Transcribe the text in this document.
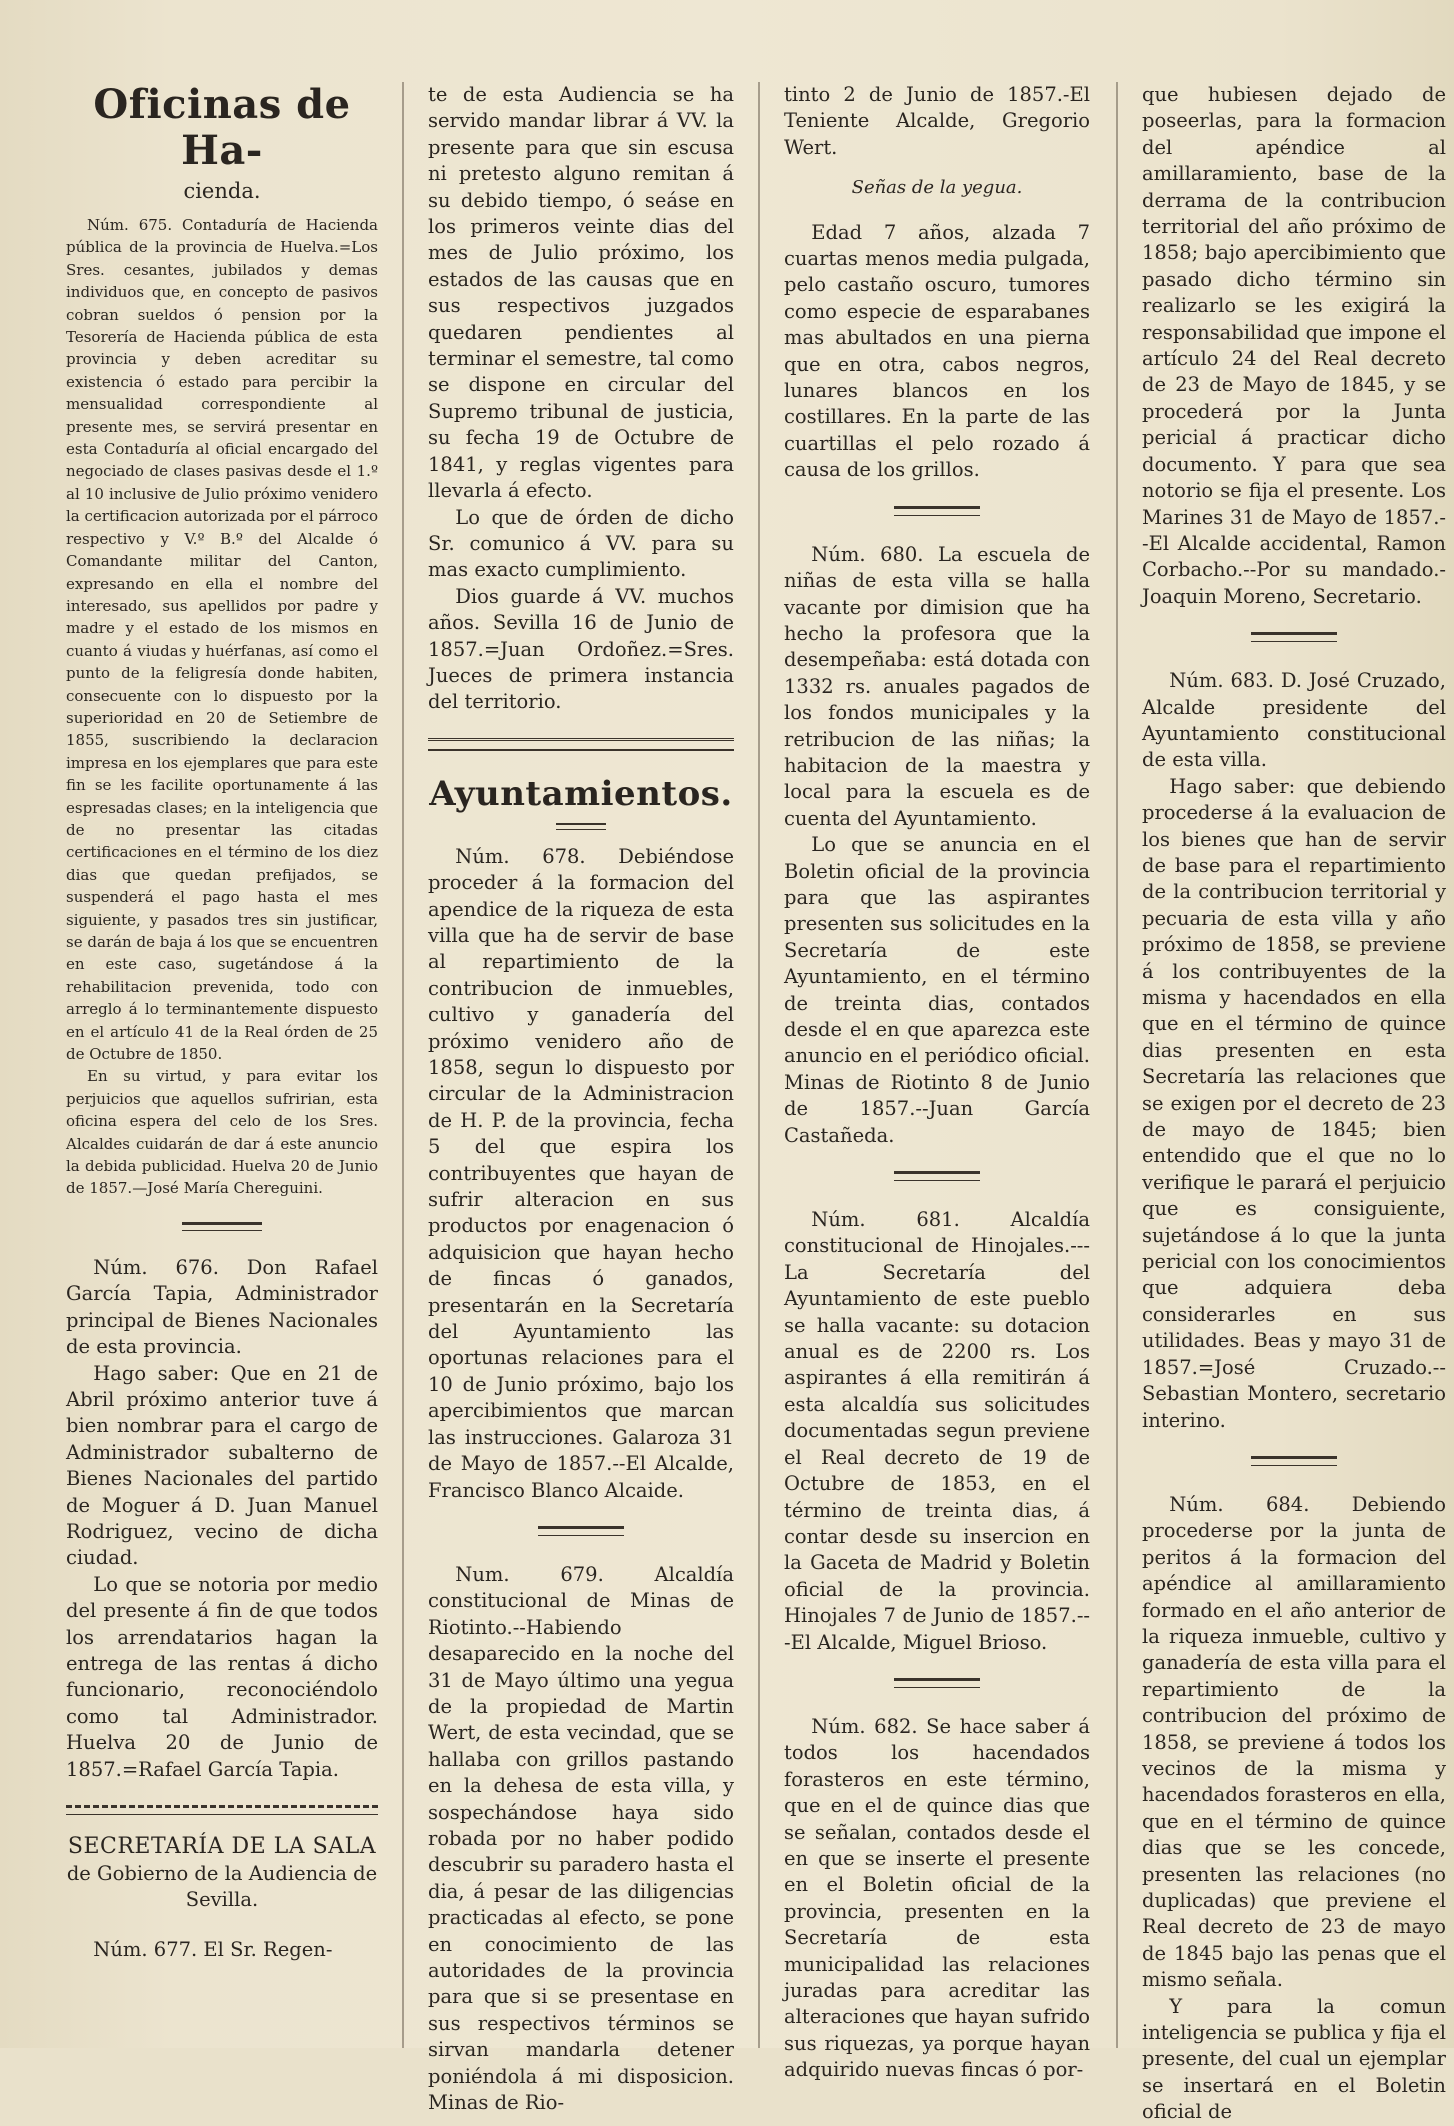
Oficinas de Ha-
cienda.

Núm. 675. Contaduría de Hacienda pública de la provincia de Huelva.=Los Sres. cesantes, jubilados y demas individuos que, en concepto de pasivos cobran sueldos ó pension por la Tesorería de Hacienda pública de esta provincia y deben acreditar su existencia ó estado para percibir la mensualidad correspondiente al presente mes, se servirá presentar en esta Contaduría al oficial encargado del negociado de clases pasivas desde el 1.º al 10 inclusive de Julio próximo venidero la certificacion autorizada por el párroco respectivo y V.º B.º del Alcalde ó Comandante militar del Canton, expresando en ella el nombre del interesado, sus apellidos por padre y madre y el estado de los mismos en cuanto á viudas y huérfanas, así como el punto de la feligresía donde habiten, consecuente con lo dispuesto por la superioridad en 20 de Setiembre de 1855, suscribiendo la declaracion impresa en los ejemplares que para este fin se les facilite oportunamente á las espresadas clases; en la inteligencia que de no presentar las citadas certificaciones en el término de los diez dias que quedan prefijados, se suspenderá el pago hasta el mes siguiente, y pasados tres sin justificar, se darán de baja á los que se encuentren en este caso, sugetándose á la rehabilitacion prevenida, todo con arreglo á lo terminantemente dispuesto en el artículo 41 de la Real órden de 25 de Octubre de 1850.

En su virtud, y para evitar los perjuicios que aquellos sufririan, esta oficina espera del celo de los Sres. Alcaldes cuidarán de dar á este anuncio la debida publicidad. Huelva 20 de Junio de 1857.—José María Chereguini.

Núm. 676. Don Rafael García Tapia, Administrador principal de Bienes Nacionales de esta provincia.

Hago saber: Que en 21 de Abril próximo anterior tuve á bien nombrar para el cargo de Administrador subalterno de Bienes Nacionales del partido de Moguer á D. Juan Manuel Rodriguez, vecino de dicha ciudad.

Lo que se notoria por medio del presente á fin de que todos los arrendatarios hagan la entrega de las rentas á dicho funcionario, reconociéndolo como tal Administrador. Huelva 20 de Junio de 1857.=Rafael García Tapia.

SECRETARÍA DE LA SALA
de Gobierno de la Audiencia de Sevilla.

Núm. 677. El Sr. Regen-

te de esta Audiencia se ha servido mandar librar á VV. la presente para que sin escusa ni pretesto alguno remitan á su debido tiempo, ó seáse en los primeros veinte dias del mes de Julio próximo, los estados de las causas que en sus respectivos juzgados quedaren pendientes al terminar el semestre, tal como se dispone en circular del Supremo tribunal de justicia, su fecha 19 de Octubre de 1841, y reglas vigentes para llevarla á efecto.

Lo que de órden de dicho Sr. comunico á VV. para su mas exacto cumplimiento.

Dios guarde á VV. muchos años. Sevilla 16 de Junio de 1857.=Juan Ordoñez.=Sres. Jueces de primera instancia del territorio.

Ayuntamientos.

Núm. 678. Debiéndose proceder á la formacion del apendice de la riqueza de esta villa que ha de servir de base al repartimiento de la contribucion de inmuebles, cultivo y ganadería del próximo venidero año de 1858, segun lo dispuesto por circular de la Administracion de H. P. de la provincia, fecha 5 del que espira los contribuyentes que hayan de sufrir alteracion en sus productos por enagenacion ó adquisicion que hayan hecho de fincas ó ganados, presentarán en la Secretaría del Ayuntamiento las oportunas relaciones para el 10 de Junio próximo, bajo los apercibimientos que marcan las instrucciones. Galaroza 31 de Mayo de 1857.--El Alcalde, Francisco Blanco Alcaide.

Num. 679. Alcaldía constitucional de Minas de Riotinto.--Habiendo desaparecido en la noche del 31 de Mayo último una yegua de la propiedad de Martin Wert, de esta vecindad, que se hallaba con grillos pastando en la dehesa de esta villa, y sospechándose haya sido robada por no haber podido descubrir su paradero hasta el dia, á pesar de las diligencias practicadas al efecto, se pone en conocimiento de las autoridades de la provincia para que si se presentase en sus respectivos términos se sirvan mandarla detener poniéndola á mi disposicion. Minas de Rio-

tinto 2 de Junio de 1857.-El Teniente Alcalde, Gregorio Wert.

Señas de la yegua.

Edad 7 años, alzada 7 cuartas menos media pulgada, pelo castaño oscuro, tumores como especie de esparabanes mas abultados en una pierna que en otra, cabos negros, lunares blancos en los costillares. En la parte de las cuartillas el pelo rozado á causa de los grillos.

Núm. 680. La escuela de niñas de esta villa se halla vacante por dimision que ha hecho la profesora que la desempeñaba: está dotada con 1332 rs. anuales pagados de los fondos municipales y la retribucion de las niñas; la habitacion de la maestra y local para la escuela es de cuenta del Ayuntamiento.

Lo que se anuncia en el Boletin oficial de la provincia para que las aspirantes presenten sus solicitudes en la Secretaría de este Ayuntamiento, en el término de treinta dias, contados desde el en que aparezca este anuncio en el periódico oficial. Minas de Riotinto 8 de Junio de 1857.--Juan García Castañeda.

Núm. 681. Alcaldía constitucional de Hinojales.---La Secretaría del Ayuntamiento de este pueblo se halla vacante: su dotacion anual es de 2200 rs. Los aspirantes á ella remitirán á esta alcaldía sus solicitudes documentadas segun previene el Real decreto de 19 de Octubre de 1853, en el término de treinta dias, á contar desde su insercion en la Gaceta de Madrid y Boletin oficial de la provincia. Hinojales 7 de Junio de 1857.---El Alcalde, Miguel Brioso.

Núm. 682. Se hace saber á todos los hacendados forasteros en este término, que en el de quince dias que se señalan, contados desde el en que se inserte el presente en el Boletin oficial de la provincia, presenten en la Secretaría de esta municipalidad las relaciones juradas para acreditar las alteraciones que hayan sufrido sus riquezas, ya porque hayan adquirido nuevas fincas ó por-

que hubiesen dejado de poseerlas, para la formacion del apéndice al amillaramiento, base de la derrama de la contribucion territorial del año próximo de 1858; bajo apercibimiento que pasado dicho término sin realizarlo se les exigirá la responsabilidad que impone el artículo 24 del Real decreto de 23 de Mayo de 1845, y se procederá por la Junta pericial á practicar dicho documento. Y para que sea notorio se fija el presente. Los Marines 31 de Mayo de 1857.--El Alcalde accidental, Ramon Corbacho.--Por su mandado.-Joaquin Moreno, Secretario.

Núm. 683. D. José Cruzado, Alcalde presidente del Ayuntamiento constitucional de esta villa.

Hago saber: que debiendo procederse á la evaluacion de los bienes que han de servir de base para el repartimiento de la contribucion territorial y pecuaria de esta villa y año próximo de 1858, se previene á los contribuyentes de la misma y hacendados en ella que en el término de quince dias presenten en esta Secretaría las relaciones que se exigen por el decreto de 23 de mayo de 1845; bien entendido que el que no lo verifique le parará el perjuicio que es consiguiente, sujetándose á lo que la junta pericial con los conocimientos que adquiera deba considerarles en sus utilidades. Beas y mayo 31 de 1857.=José Cruzado.--Sebastian Montero, secretario interino.

Núm. 684. Debiendo procederse por la junta de peritos á la formacion del apéndice al amillaramiento formado en el año anterior de la riqueza inmueble, cultivo y ganadería de esta villa para el repartimiento de la contribucion del próximo de 1858, se previene á todos los vecinos de la misma y hacendados forasteros en ella, que en el término de quince dias que se les concede, presenten las relaciones (no duplicadas) que previene el Real decreto de 23 de mayo de 1845 bajo las penas que el mismo señala.

Y para la comun inteligencia se publica y fija el presente, del cual un ejemplar se insertará en el Boletin oficial de
